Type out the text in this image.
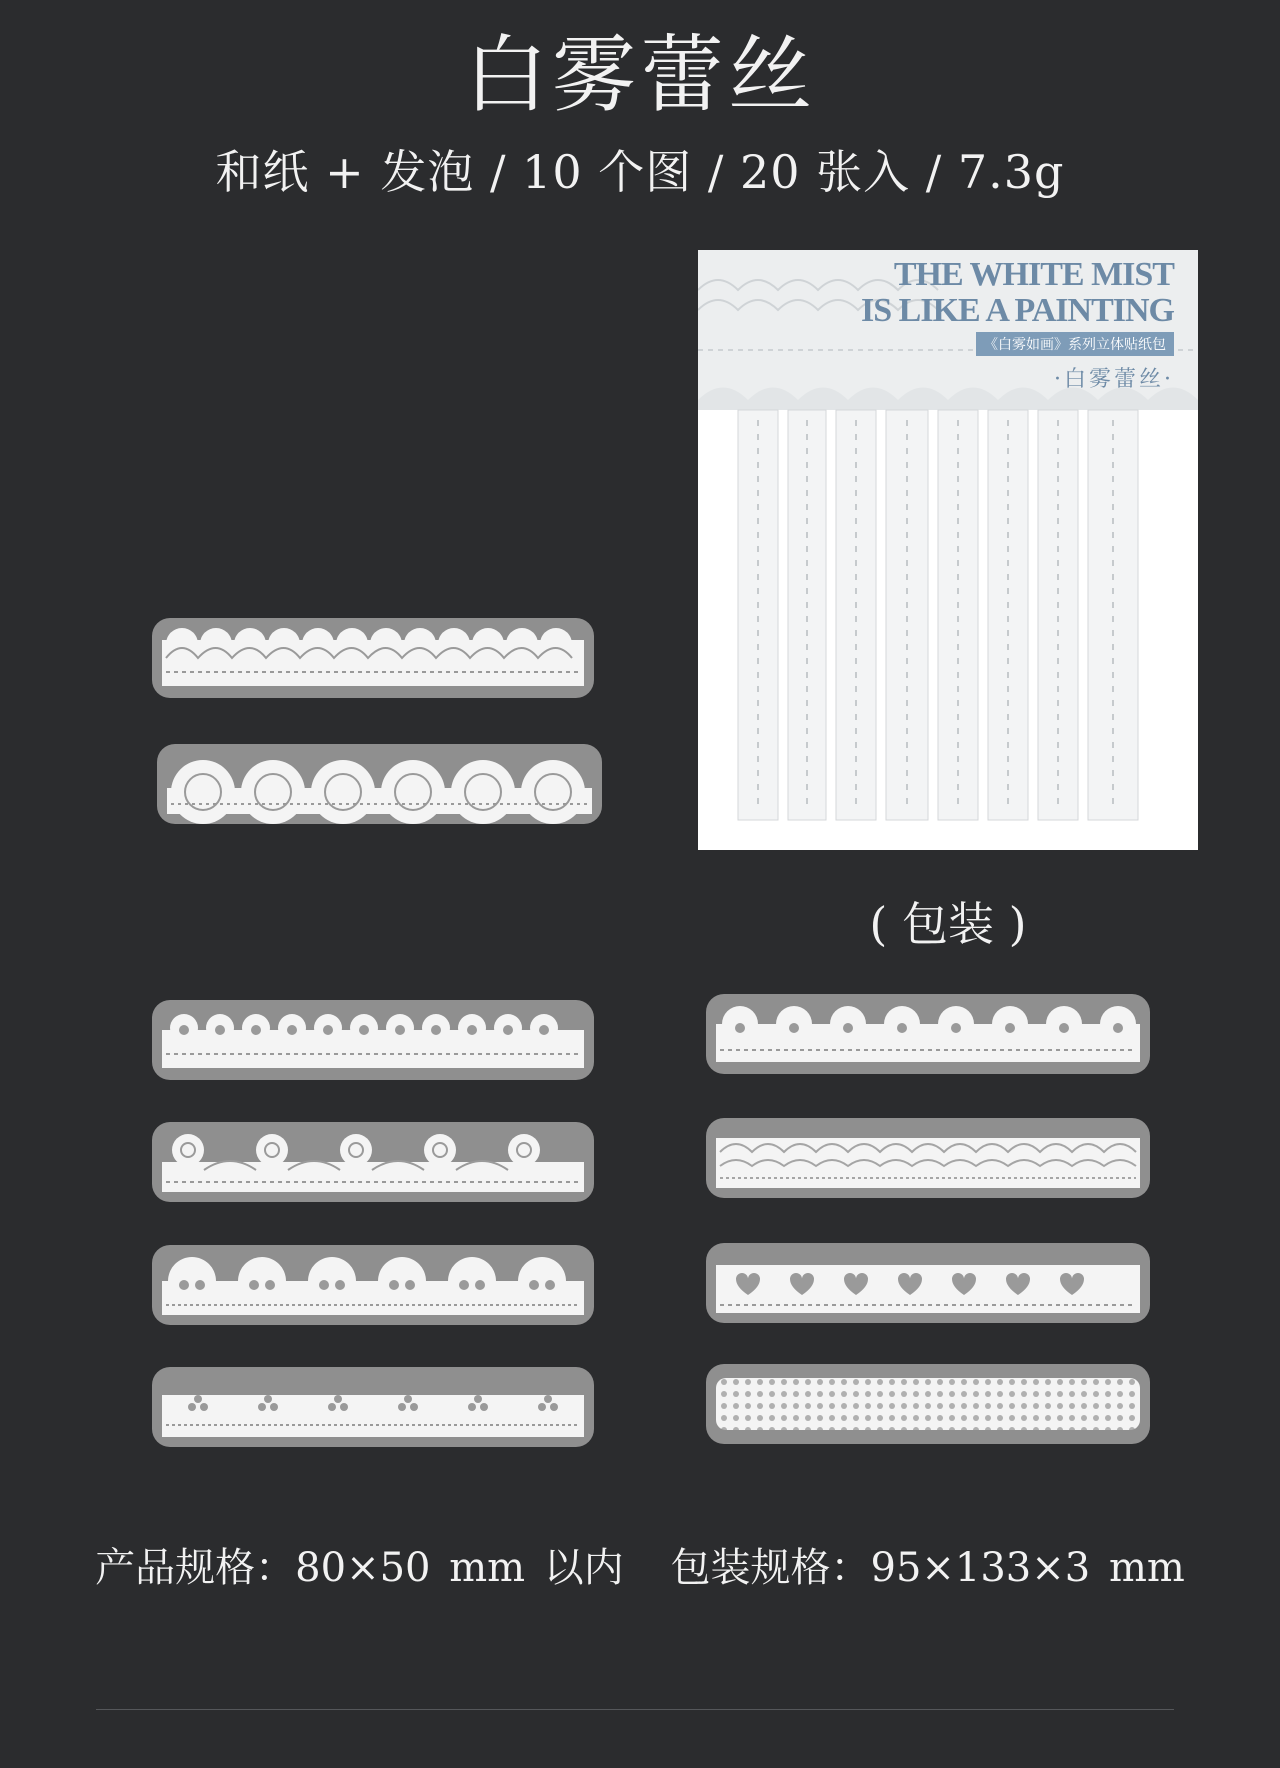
白雾蕾丝
和纸 + 发泡 / 10 个图 / 20 张入 / 7.3g
THE WHITE MIST
IS LIKE A PAINTING
《白雾如画》系列立体贴纸包
·白雾蕾丝·
( 包装 )
产品规格：80×50 mm 以内 包装规格：95×133×3 mm
